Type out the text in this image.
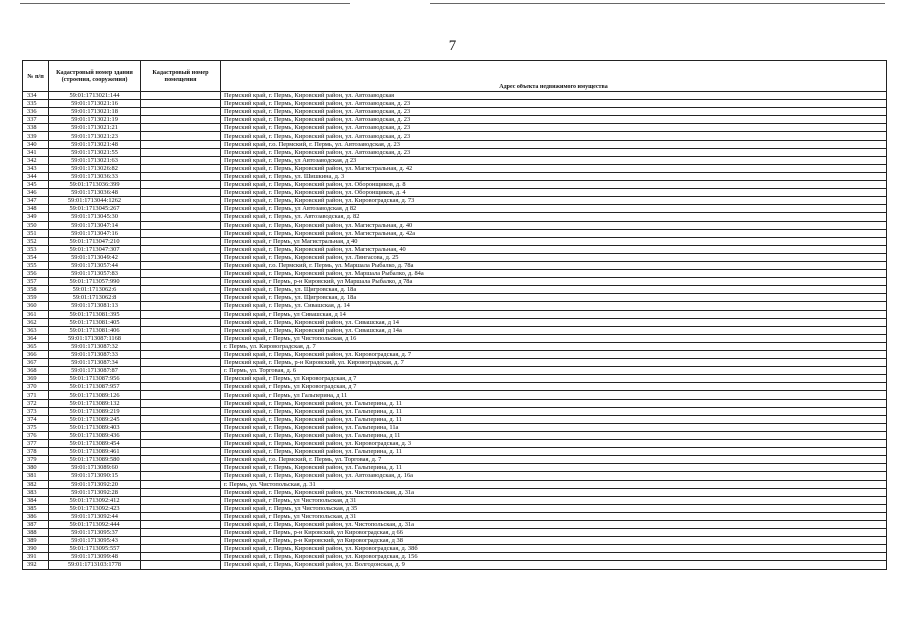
7
№ п/п	Кадастровый номер здания (строения, сооружения)	Кадастровый номер помещения	
			Адрес объекта недвижимого имущества
334	59:01:1713021:144		Пермский край, г. Пермь, Кировский район, ул. Автозаводская
335	59:01:1713021:16		Пермский край, г. Пермь, Кировский район, ул. Автозаводская, д. 23
336	59:01:1713021:18		Пермский край, г. Пермь, Кировский район, ул. Автозаводская, д. 23
337	59:01:1713021:19		Пермский край, г. Пермь, Кировский район, ул. Автозаводская, д. 23
338	59:01:1713021:21		Пермский край, г. Пермь, Кировский район, ул. Автозаводская, д. 23
339	59:01:1713021:23		Пермский край, г. Пермь, Кировский район, ул. Автозаводская, д. 23
340	59:01:1713021:48		Пермский край, г.о. Пермский, г. Пермь, ул. Автозаводская, д. 23
341	59:01:1713021:55		Пермский край, г. Пермь, Кировский район, ул. Автозаводская, д. 23
342	59:01:1713021:63		Пермский край, г. Пермь, ул Автозаводская, д 23
343	59:01:1713026:82		Пермский край, г. Пермь, Кировский район, ул. Магистральная, д. 42
344	59:01:1713036:33		Пермский край, г. Пермь, ул. Шишкина, д. 3
345	59:01:1713036:399		Пермский край, г. Пермь, Кировский район, ул. Оборонщиков, д. 8
346	59:01:1713036:48		Пермский край, г. Пермь, Кировский район, ул. Оборонщиков, д. 4
347	59:01:1713044:1262		Пермский край, г. Пермь, Кировский район, ул. Кировоградская, д. 73
348	59:01:1713045:267		Пермский край, г. Пермь, ул Автозаводская, д 82
349	59:01:1713045:30		Пермский край, г. Пермь, ул. Автозаводская, д. 82
350	59:01:1713047:14		Пермский край, г. Пермь, Кировский район, ул. Магистральная, д. 40
351	59:01:1713047:16		Пермский край, г. Пермь, Кировский район, ул. Магистральная, д. 42а
352	59:01:1713047:210		Пермский край, г Пермь, ул Магистральная, д 40
353	59:01:1713047:307		Пермский край, г. Пермь, Кировский район, ул. Магистральная, 40
354	59:01:1713049:42		Пермский край, г. Пермь, Кировский район, ул. Лянгасова, д. 25
355	59:01:1713057:44		Пермский край, г.о. Пермский, г. Пермь, ул. Маршала Рыбалко, д. 78а
356	59:01:1713057:83		Пермский край, г. Пермь, Кировский район, ул. Маршала Рыбалко, д. 84а
357	59:01:1713057:990		Пермский край, г Пермь, р-н Кировский, ул Маршала Рыбалко, д 78а
358	59:01:1713062:6		Пермский край, г. Пермь, ул. Щигровская, д. 18а
359	59:01:1713062:8		Пермский край, г. Пермь, ул. Щигровская, д. 18а
360	59:01:1713081:13		Пермский край, г. Пермь, ул. Сивашская, д. 14
361	59:01:1713081:395		Пермский край, г Пермь, ул Сивашская, д 14
362	59:01:1713081:405		Пермский край, г. Пермь, Кировский район, ул. Сивашская, д 14
363	59:01:1713081:406		Пермский край, г. Пермь, Кировский район, ул. Сивашская, д 14а
364	59:01:1713087:1168		Пермский край, г Пермь, ул Чистопольская, д 16
365	59:01:1713087:32		г. Пермь, ул. Кировоградская, д. 7
366	59:01:1713087:33		Пермский край, г. Пермь, Кировский район, ул. Кировоградская, д. 7
367	59:01:1713087:34		Пермский край, г. Пермь, р-н Кировский, ул. Кировоградская, д. 7
368	59:01:1713087:87		г. Пермь, ул. Торговая, д. 6
369	59:01:1713087:956		Пермский край, г Пермь, ул Кировоградская, д 7
370	59:01:1713087:957		Пермский край, г Пермь, ул Кировоградская, д 7
371	59:01:1713089:126		Пермский край, г Пермь, ул Гальперина, д 11
372	59:01:1713089:132		Пермский край, г. Пермь, Кировский район, ул. Гальперина, д. 11
373	59:01:1713089:219		Пермский край, г. Пермь, Кировский район, ул. Гальперина, д. 11
374	59:01:1713089:245		Пермский край, г. Пермь, Кировский район, ул. Гальперина, д. 11
375	59:01:1713089:403		Пермский край, г. Пермь, Кировский район, ул. Гальперина, 11а
376	59:01:1713089:436		Пермский край, г. Пермь, Кировский район, ул. Гальперина, д 11
377	59:01:1713089:454		Пермский край, г. Пермь, Кировский район, ул. Кировоградская, д. 3
378	59:01:1713089:461		Пермский край, г. Пермь, Кировский район, ул. Гальперина, д. 11
379	59:01:1713089:580		Пермский край, г.о. Пермский, г. Пермь, ул. Торговая, д. 7
380	59:01:1713089:60		Пермский край, г. Пермь, Кировский район, ул. Гальперина, д. 11
381	59:01:1713090:15		Пермский край, г. Пермь, Кировский район, ул. Автозаводская, д. 16а
382	59:01:1713092:20		г. Пермь, ул. Чистопольская, д. 31
383	59:01:1713092:28		Пермский край, г. Пермь, Кировский район, ул. Чистопольская, д. 31а
384	59:01:1713092:412		Пермский край, г Пермь, ул Чистопольская, д 31
385	59:01:1713092:423		Пермский край, г. Пермь, ул Чистопольская, д 35
386	59:01:1713092:44		Пермский край, г Пермь, ул Чистопольская, д 31
387	59:01:1713092:444		Пермский край, г. Пермь, Кировский район, ул. Чистопольская, д. 31а
388	59:01:1713095:37		Пермский край, г Пермь, р-н Кировский, ул Кировоградская, д 66
389	59:01:1713095:43		Пермский край, г Пермь, р-н Кировский, ул Кировоградская, д 38
390	59:01:1713095:557		Пермский край, г. Пермь, Кировский район, ул. Кировоградская, д. 38б
391	59:01:1713099:48		Пермский край, г. Пермь, Кировский район, ул. Кировоградская, д. 156
392	59:01:1713103:1778		Пермский край, г. Пермь, Кировский район, ул. Волгодонская, д. 9
